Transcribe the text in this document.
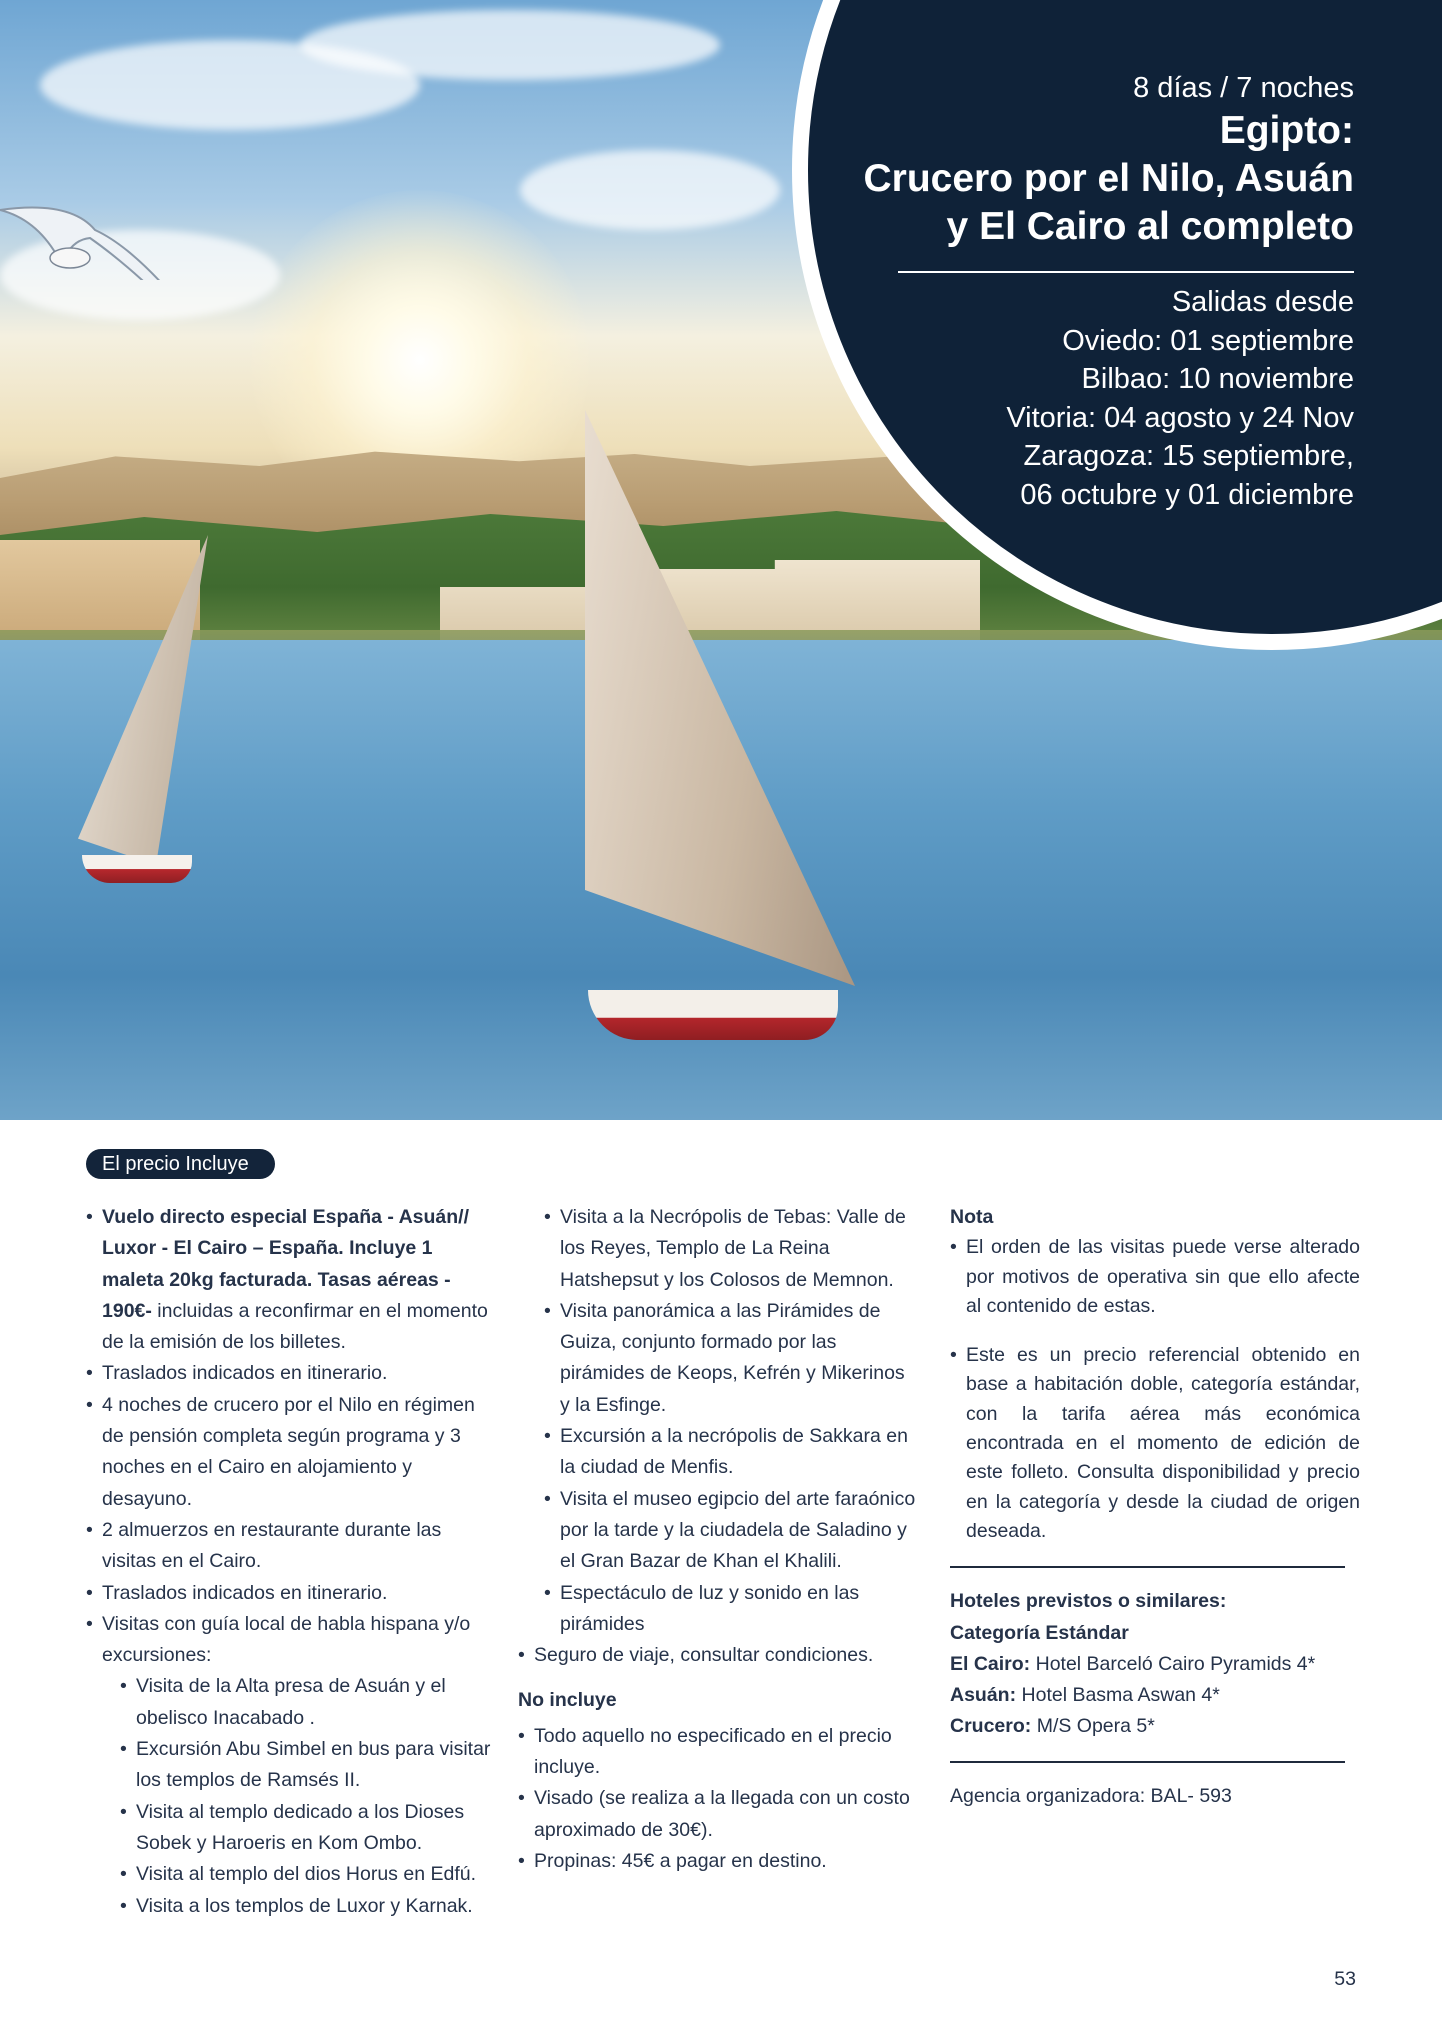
8 días / 7 noches

Egipto:
Crucero por el Nilo, Asuán
y El Cairo al completo
Salidas desde
Oviedo: 01 septiembre
Bilbao: 10 noviembre
Vitoria: 04 agosto y 24 Nov
Zaragoza: 15 septiembre,
06 octubre y 01 diciembre
El precio Incluye
• Vuelo directo especial España - Asuán// Luxor - El Cairo – España. Incluye 1 maleta 20kg facturada. Tasas aéreas - 190€- incluidas a reconfirmar en el momento de la emisión de los billetes.
• Traslados indicados en itinerario.
• 4 noches de crucero por el Nilo en régimen de pensión completa según programa y 3 noches en el Cairo en alojamiento y desayuno.
• 2 almuerzos en restaurante durante las visitas en el Cairo.
• Traslados indicados en itinerario.
• Visitas con guía local de habla hispana y/o excursiones:
• Visita de la Alta presa de Asuán y el obelisco Inacabado .
• Excursión Abu Simbel en bus para visitar los templos de Ramsés II.
• Visita al templo dedicado a los Dioses Sobek y Haroeris en Kom Ombo.
• Visita al templo del dios Horus en Edfú.
• Visita a los templos de Luxor y Karnak.
• Visita a la Necrópolis de Tebas: Valle de los Reyes, Templo de La Reina Hatshepsut y los Colosos de Memnon.
• Visita panorámica a las Pirámides de Guiza, conjunto formado por las pirámides de Keops, Kefrén y Mikerinos y la Esfinge.
• Excursión a la necrópolis de Sakkara en la ciudad de Menfis.
• Visita el museo egipcio del arte faraónico por la tarde y la ciudadela de Saladino y el Gran Bazar de Khan el Khalili.
• Espectáculo de luz y sonido en las pirámides
• Seguro de viaje, consultar condiciones.
No incluye
• Todo aquello no especificado en el precio incluye.
• Visado (se realiza a la llegada con un costo aproximado de 30€).
• Propinas: 45€ a pagar en destino.
Nota
• El orden de las visitas puede verse alterado por motivos de operativa sin que ello afecte al contenido de estas.
• Este es un precio referencial obtenido en base a habitación doble, categoría estándar, con la tarifa aérea más económica encontrada en el momento de edición de este folleto. Consulta disponibilidad y precio en la categoría y desde la ciudad de origen deseada.
Hoteles previstos o similares:
Categoría Estándar
El Cairo: Hotel Barceló Cairo Pyramids 4*
Asuán: Hotel Basma Aswan 4*
Crucero: M/S Opera 5*
Agencia organizadora: BAL- 593
53
